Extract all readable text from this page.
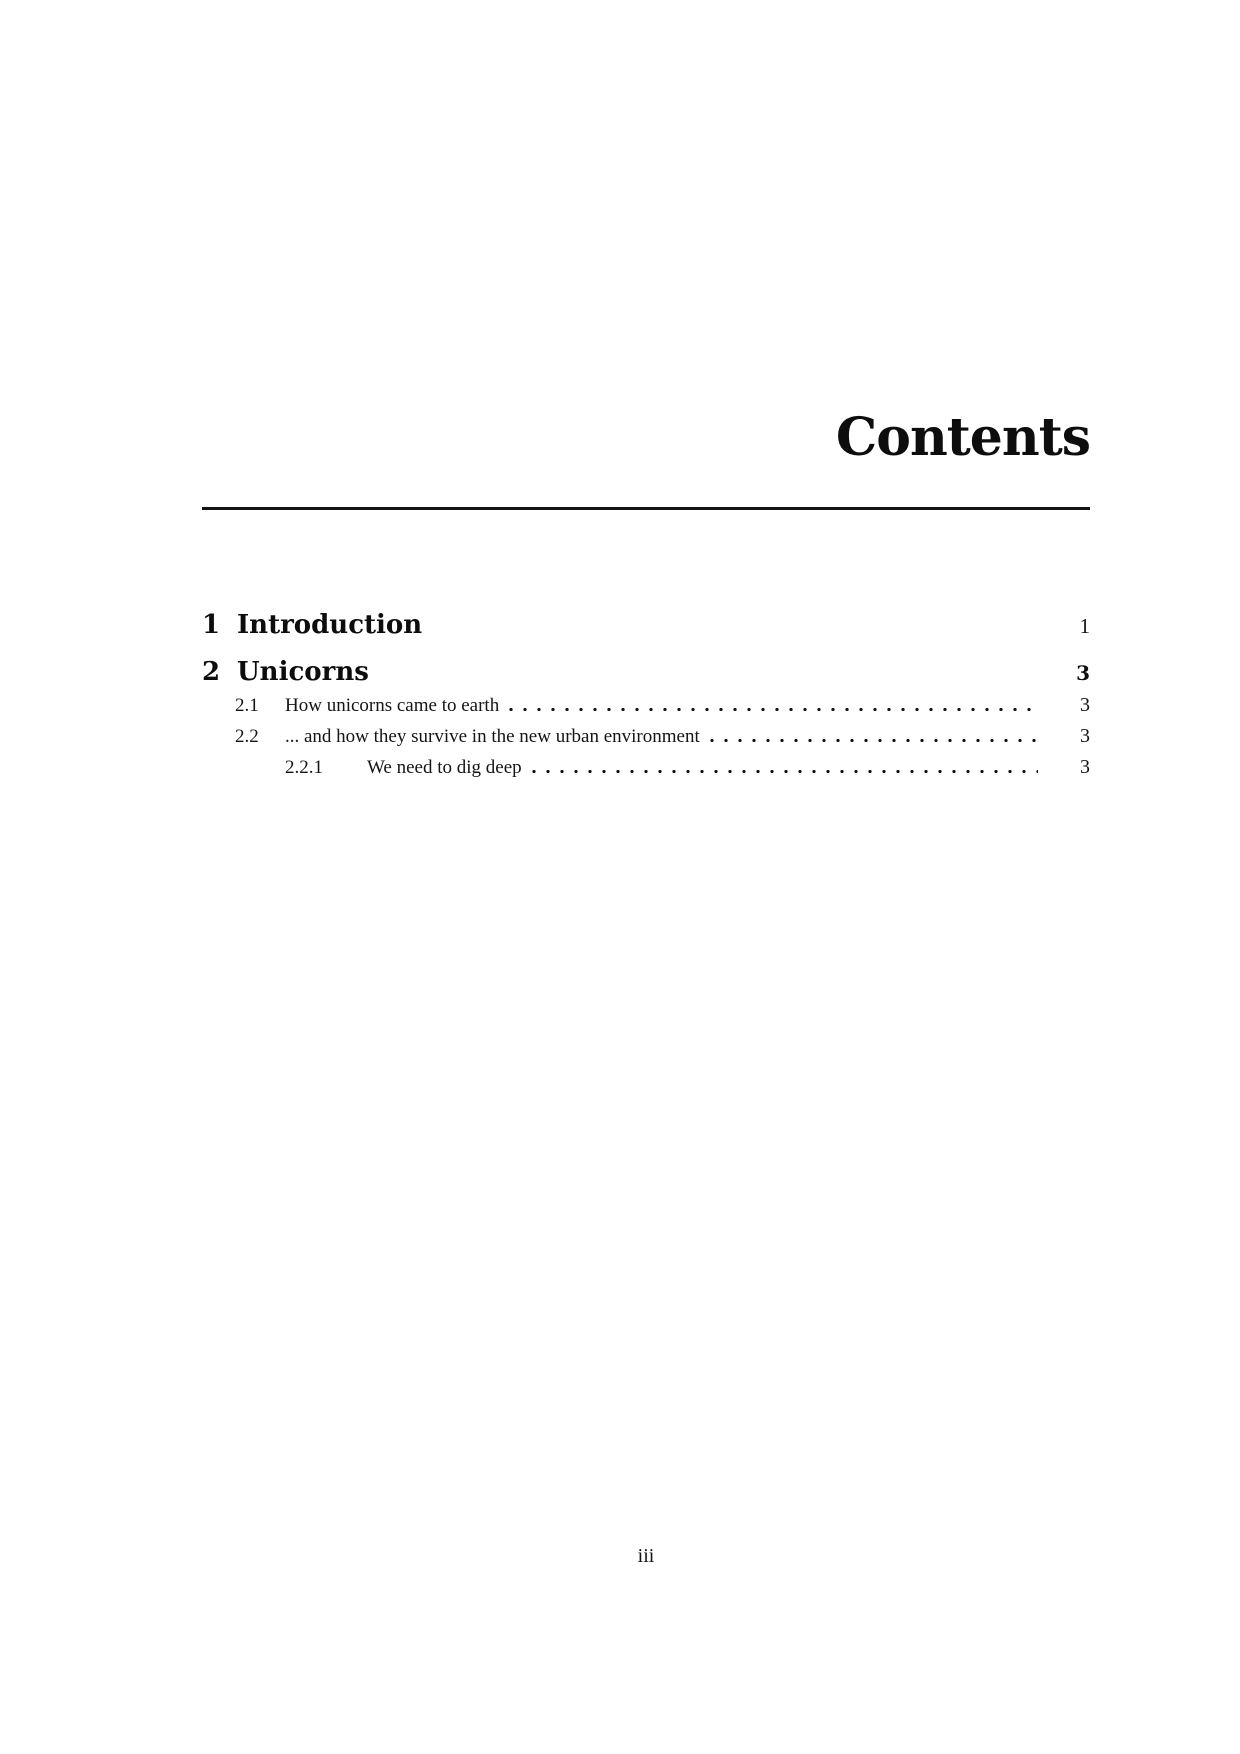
Contents
1 Introduction	1
2 Unicorns	3
2.1	How unicorns came to earth	3
2.2	... and how they survive in the new urban environment	3
2.2.1	We need to dig deep	3
iii
